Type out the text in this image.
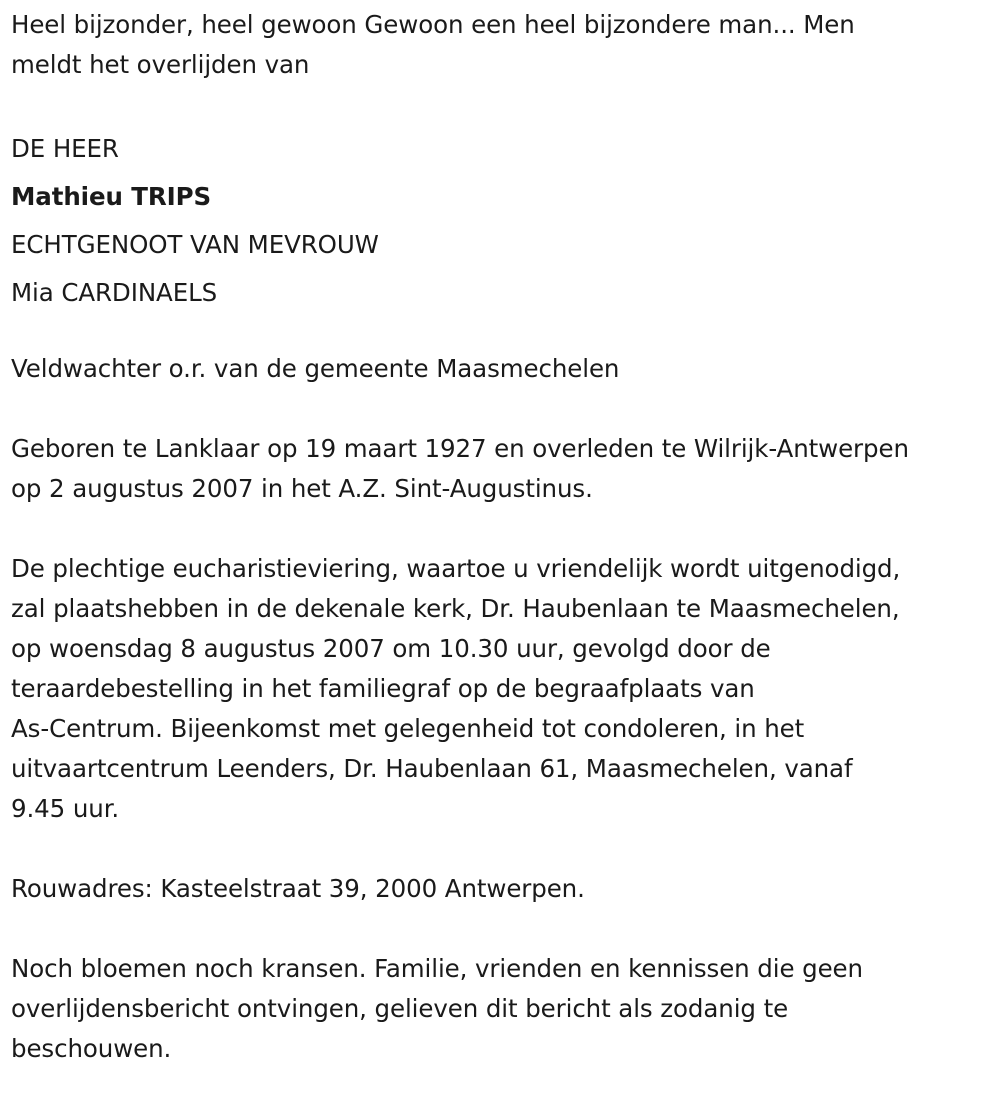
Heel bijzonder, heel gewoon Gewoon een heel bijzondere man... Men
meldt het overlijden van
DE HEER
Mathieu TRIPS
ECHTGENOOT VAN MEVROUW
Mia CARDINAELS
Veldwachter o.r. van de gemeente Maasmechelen
Geboren te Lanklaar op 19 maart 1927 en overleden te Wilrijk-Antwerpen
op 2 augustus 2007 in het A.Z. Sint-Augustinus.
De plechtige eucharistieviering, waartoe u vriendelijk wordt uitgenodigd,
zal plaatshebben in de dekenale kerk, Dr. Haubenlaan te Maasmechelen,
op woensdag 8 augustus 2007 om 10.30 uur, gevolgd door de
teraardebestelling in het familiegraf op de begraafplaats van
As-Centrum. Bijeenkomst met gelegenheid tot condoleren, in het
uitvaartcentrum Leenders, Dr. Haubenlaan 61, Maasmechelen, vanaf
9.45 uur.
Rouwadres: Kasteelstraat 39, 2000 Antwerpen.
Noch bloemen noch kransen. Familie, vrienden en kennissen die geen
overlijdensbericht ontvingen, gelieven dit bericht als zodanig te
beschouwen.
